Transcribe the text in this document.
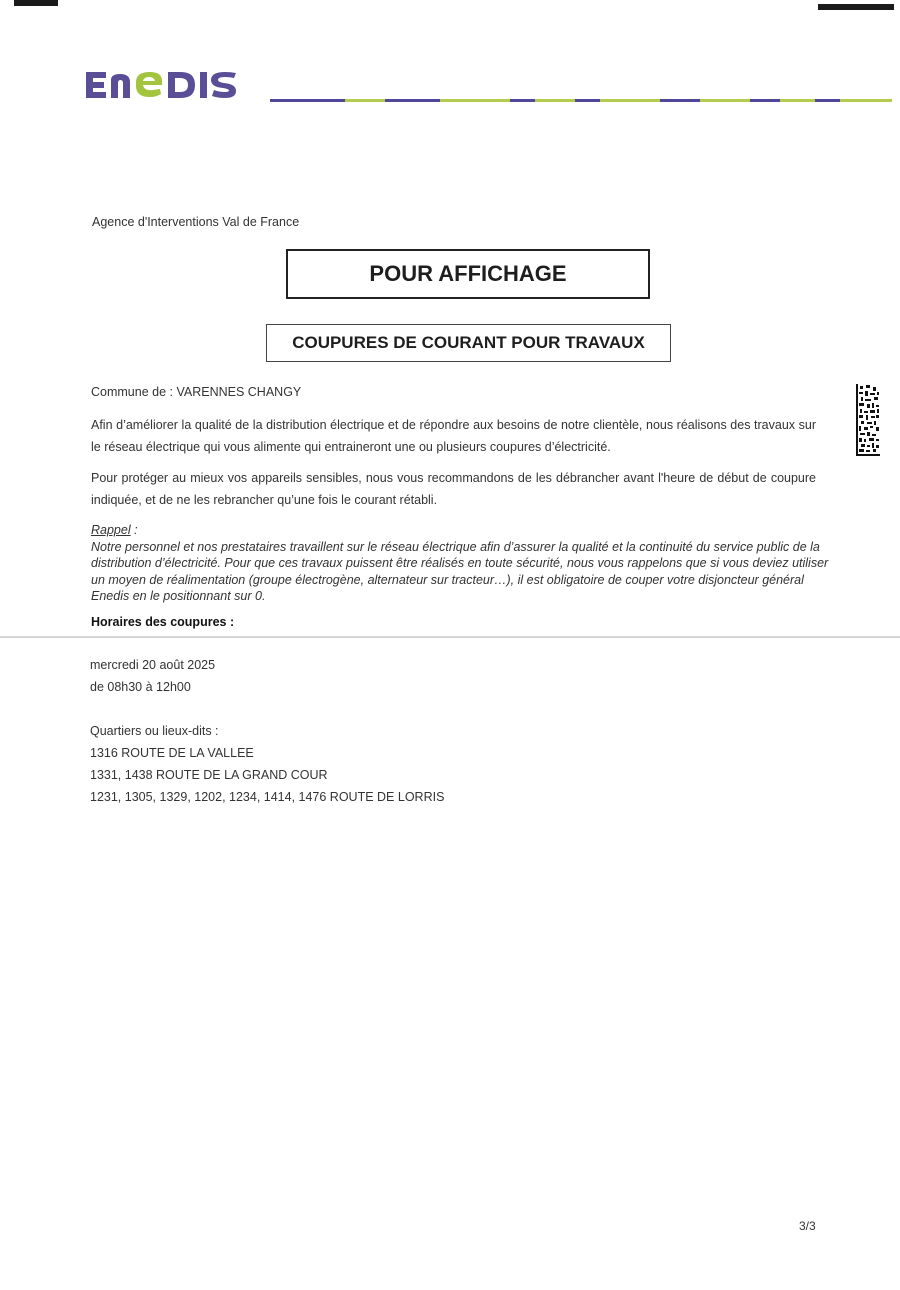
Agence d'Interventions Val de France
POUR AFFICHAGE
COUPURES DE COURANT POUR TRAVAUX
Commune de : VARENNES CHANGY
Afin d’améliorer la qualité de la distribution électrique et de répondre aux besoins de notre clientèle, nous réalisons des travaux sur le réseau électrique qui vous alimente qui entraineront une ou plusieurs coupures d’électricité.
Pour protéger au mieux vos appareils sensibles, nous vous recommandons de les débrancher avant l'heure de début de coupure indiquée, et de ne les rebrancher qu’une fois le courant rétabli.
Rappel :
Notre personnel et nos prestataires travaillent sur le réseau électrique afin d’assurer la qualité et la continuité du service public de la distribution d’électricité. Pour que ces travaux puissent être réalisés en toute sécurité, nous vous rappelons que si vous deviez utiliser un moyen de réalimentation (groupe électrogène, alternateur sur tracteur…), il est obligatoire de couper votre disjoncteur général Enedis en le positionnant sur 0.
Horaires des coupures :
mercredi 20 août 2025
de 08h30 à 12h00
Quartiers ou lieux-dits :
1316 ROUTE DE LA VALLEE
1331, 1438 ROUTE DE LA GRAND COUR
1231, 1305, 1329, 1202, 1234, 1414, 1476 ROUTE DE LORRIS
3/3
